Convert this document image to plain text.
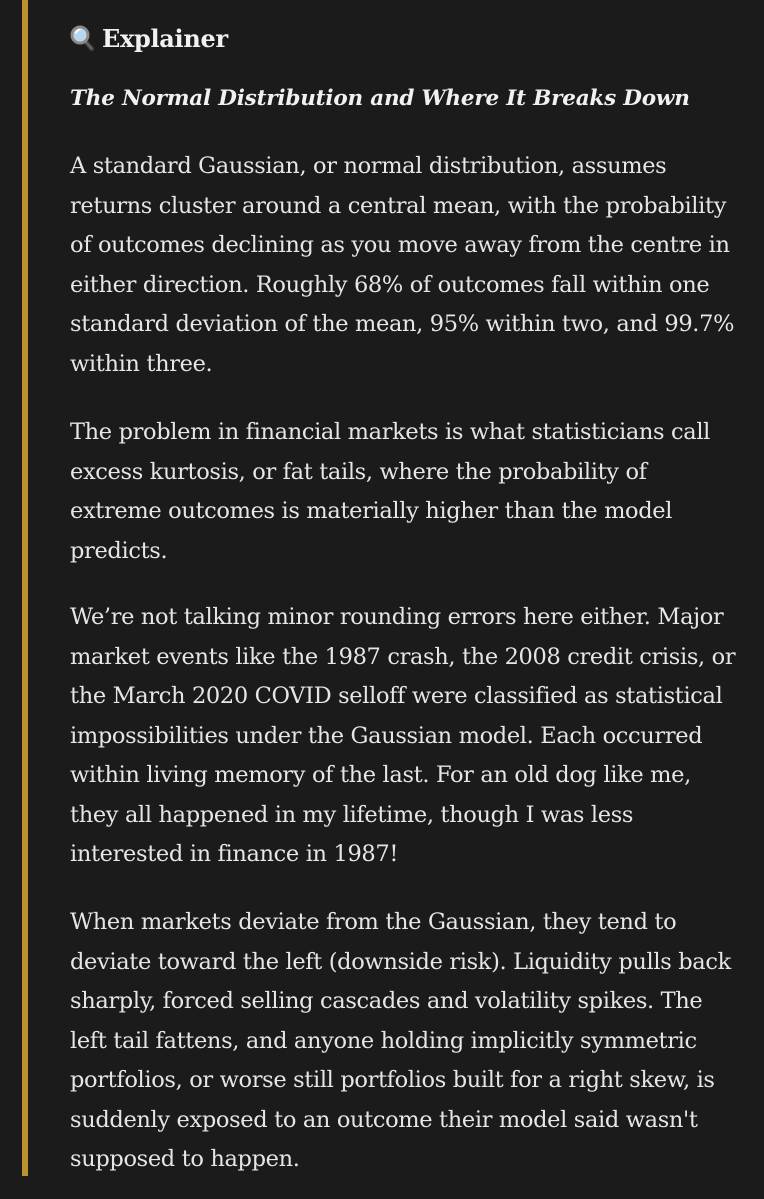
Explainer
The Normal Distribution and Where It Breaks Down

A standard Gaussian, or normal distribution, assumes returns cluster around a central mean, with the probability of outcomes declining as you move away from the centre in either direction. Roughly 68% of outcomes fall within one standard deviation of the mean, 95% within two, and 99.7% within three.

The problem in financial markets is what statisticians call excess kurtosis, or fat tails, where the probability of extreme outcomes is materially higher than the model predicts.

We’re not talking minor rounding errors here either. Major market events like the 1987 crash, the 2008 credit crisis, or the March 2020 COVID selloff were classified as statistical impossibilities under the Gaussian model. Each occurred within living memory of the last. For an old dog like me, they all happened in my lifetime, though I was less interested in finance in 1987!

When markets deviate from the Gaussian, they tend to deviate toward the left (downside risk). Liquidity pulls back sharply, forced selling cascades and volatility spikes. The left tail fattens, and anyone holding implicitly symmetric portfolios, or worse still portfolios built for a right skew, is suddenly exposed to an outcome their model said wasn't supposed to happen.
